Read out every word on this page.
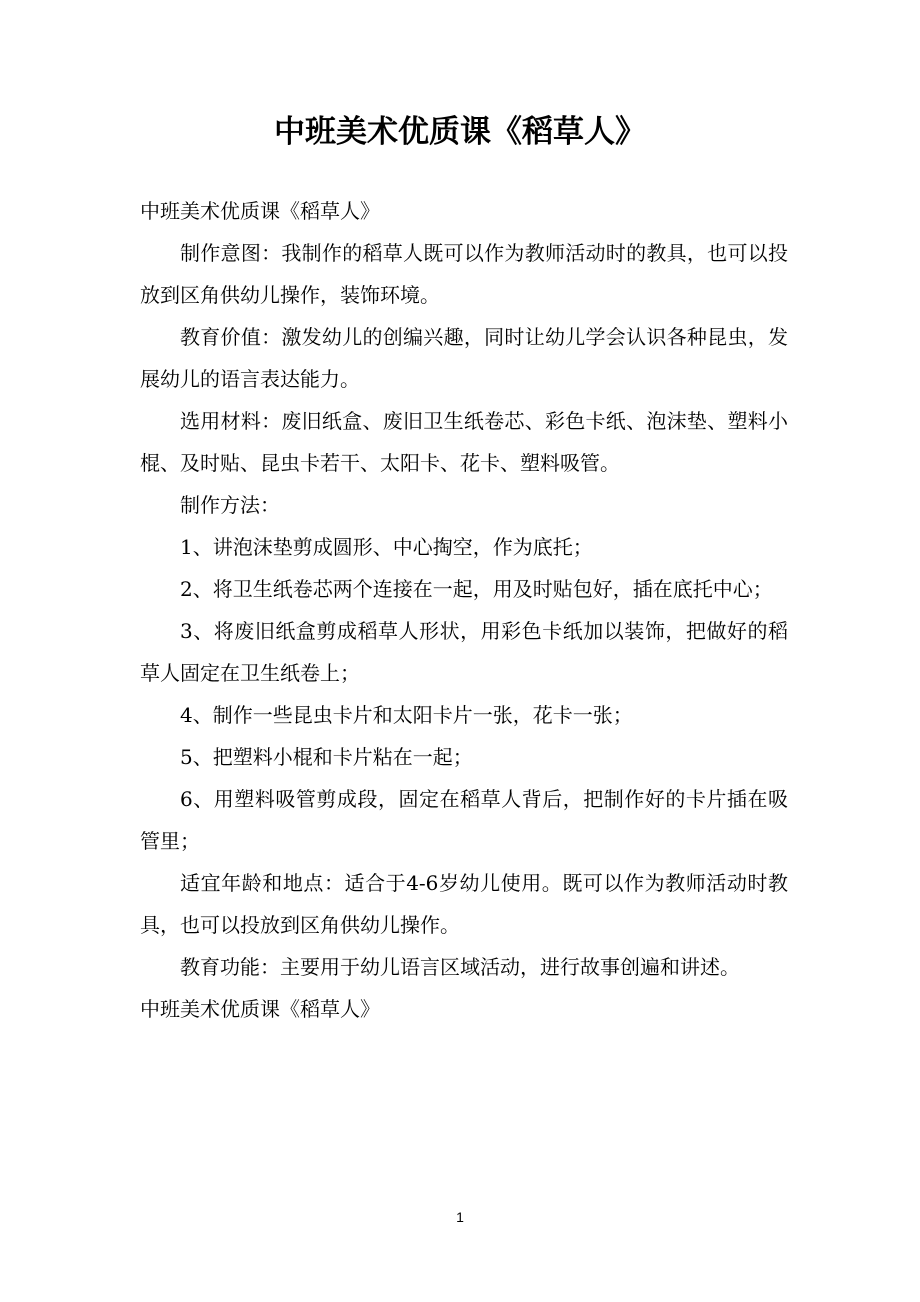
中班美术优质课《稻草人》

中班美术优质课《稻草人》

制作意图：我制作的稻草人既可以作为教师活动时的教具，也可以投放到区角供幼儿操作，装饰环境。

教育价值：激发幼儿的创编兴趣，同时让幼儿学会认识各种昆虫，发展幼儿的语言表达能力。

选用材料：废旧纸盒、废旧卫生纸卷芯、彩色卡纸、泡沫垫、塑料小棍、及时贴、昆虫卡若干、太阳卡、花卡、塑料吸管。

制作方法：

1、讲泡沫垫剪成圆形、中心掏空，作为底托；

2、将卫生纸卷芯两个连接在一起，用及时贴包好，插在底托中心；

3、将废旧纸盒剪成稻草人形状，用彩色卡纸加以装饰，把做好的稻草人固定在卫生纸卷上；

4、制作一些昆虫卡片和太阳卡片一张，花卡一张；

5、把塑料小棍和卡片粘在一起；

6、用塑料吸管剪成段，固定在稻草人背后，把制作好的卡片插在吸管里；

适宜年龄和地点：适合于4-6岁幼儿使用。既可以作为教师活动时教具，也可以投放到区角供幼儿操作。

教育功能：主要用于幼儿语言区域活动，进行故事创遍和讲述。

中班美术优质课《稻草人》

1
